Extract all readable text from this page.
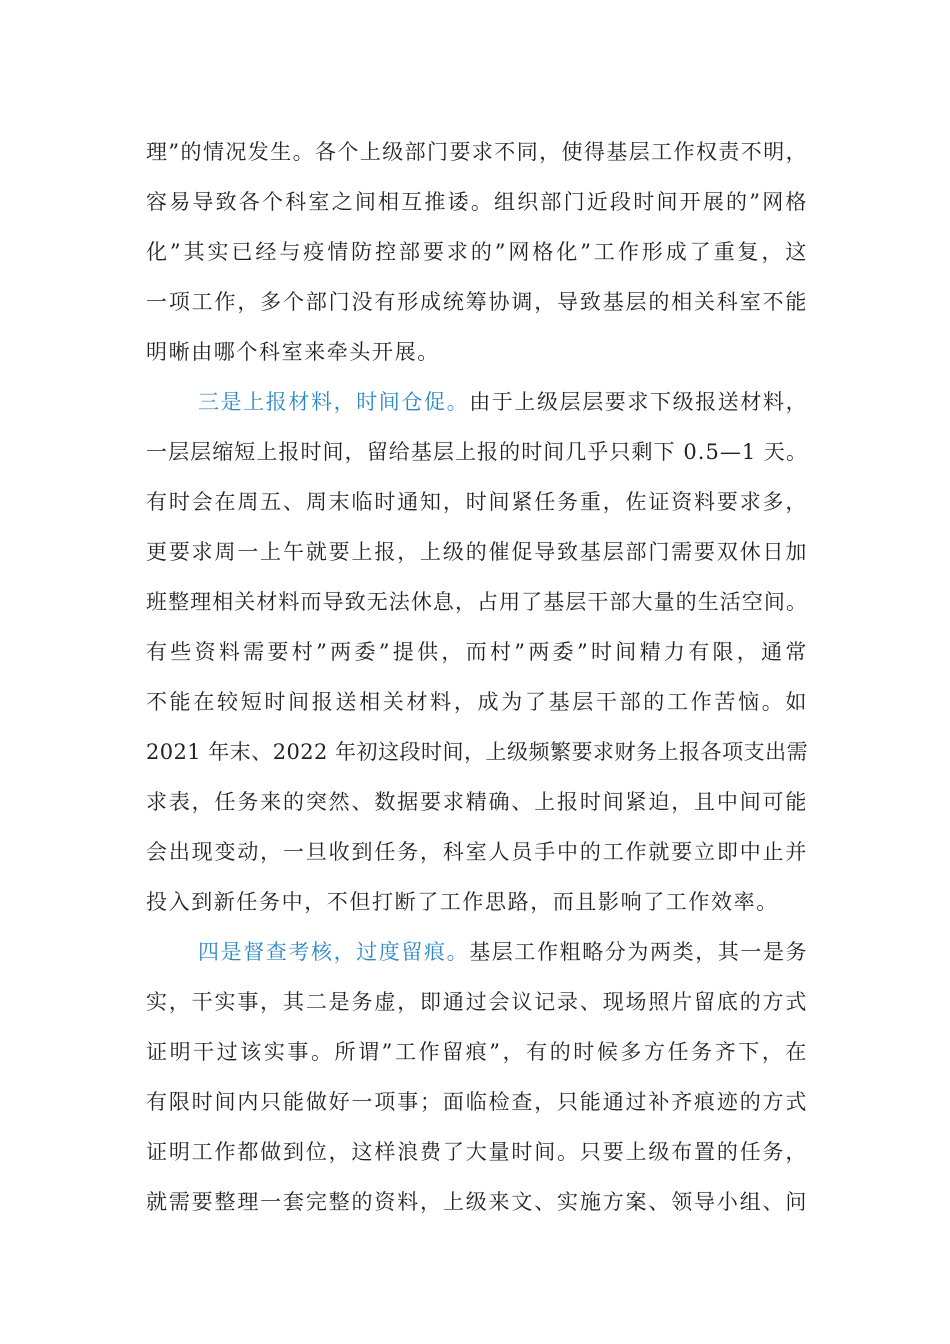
理”的情况发生。各个上级部门要求不同，使得基层工作权责不明，
容易导致各个科室之间相互推诿。组织部门近段时间开展的”网格
化”其实已经与疫情防控部要求的”网格化”工作形成了重复，这
一项工作，多个部门没有形成统筹协调，导致基层的相关科室不能
明晰由哪个科室来牵头开展。
三是上报材料，时间仓促。由于上级层层要求下级报送材料，
一层层缩短上报时间，留给基层上报的时间几乎只剩下 0.5—1 天。
有时会在周五、周末临时通知，时间紧任务重，佐证资料要求多，
更要求周一上午就要上报，上级的催促导致基层部门需要双休日加
班整理相关材料而导致无法休息，占用了基层干部大量的生活空间。
有些资料需要村”两委”提供，而村”两委”时间精力有限，通常
不能在较短时间报送相关材料，成为了基层干部的工作苦恼。如
2021 年末、2022 年初这段时间，上级频繁要求财务上报各项支出需
求表，任务来的突然、数据要求精确、上报时间紧迫，且中间可能
会出现变动，一旦收到任务，科室人员手中的工作就要立即中止并
投入到新任务中，不但打断了工作思路，而且影响了工作效率。
四是督查考核，过度留痕。基层工作粗略分为两类，其一是务
实，干实事，其二是务虚，即通过会议记录、现场照片留底的方式
证明干过该实事。所谓”工作留痕”，有的时候多方任务齐下，在
有限时间内只能做好一项事；面临检查，只能通过补齐痕迹的方式
证明工作都做到位，这样浪费了大量时间。只要上级布置的任务，
就需要整理一套完整的资料，上级来文、实施方案、领导小组、问
